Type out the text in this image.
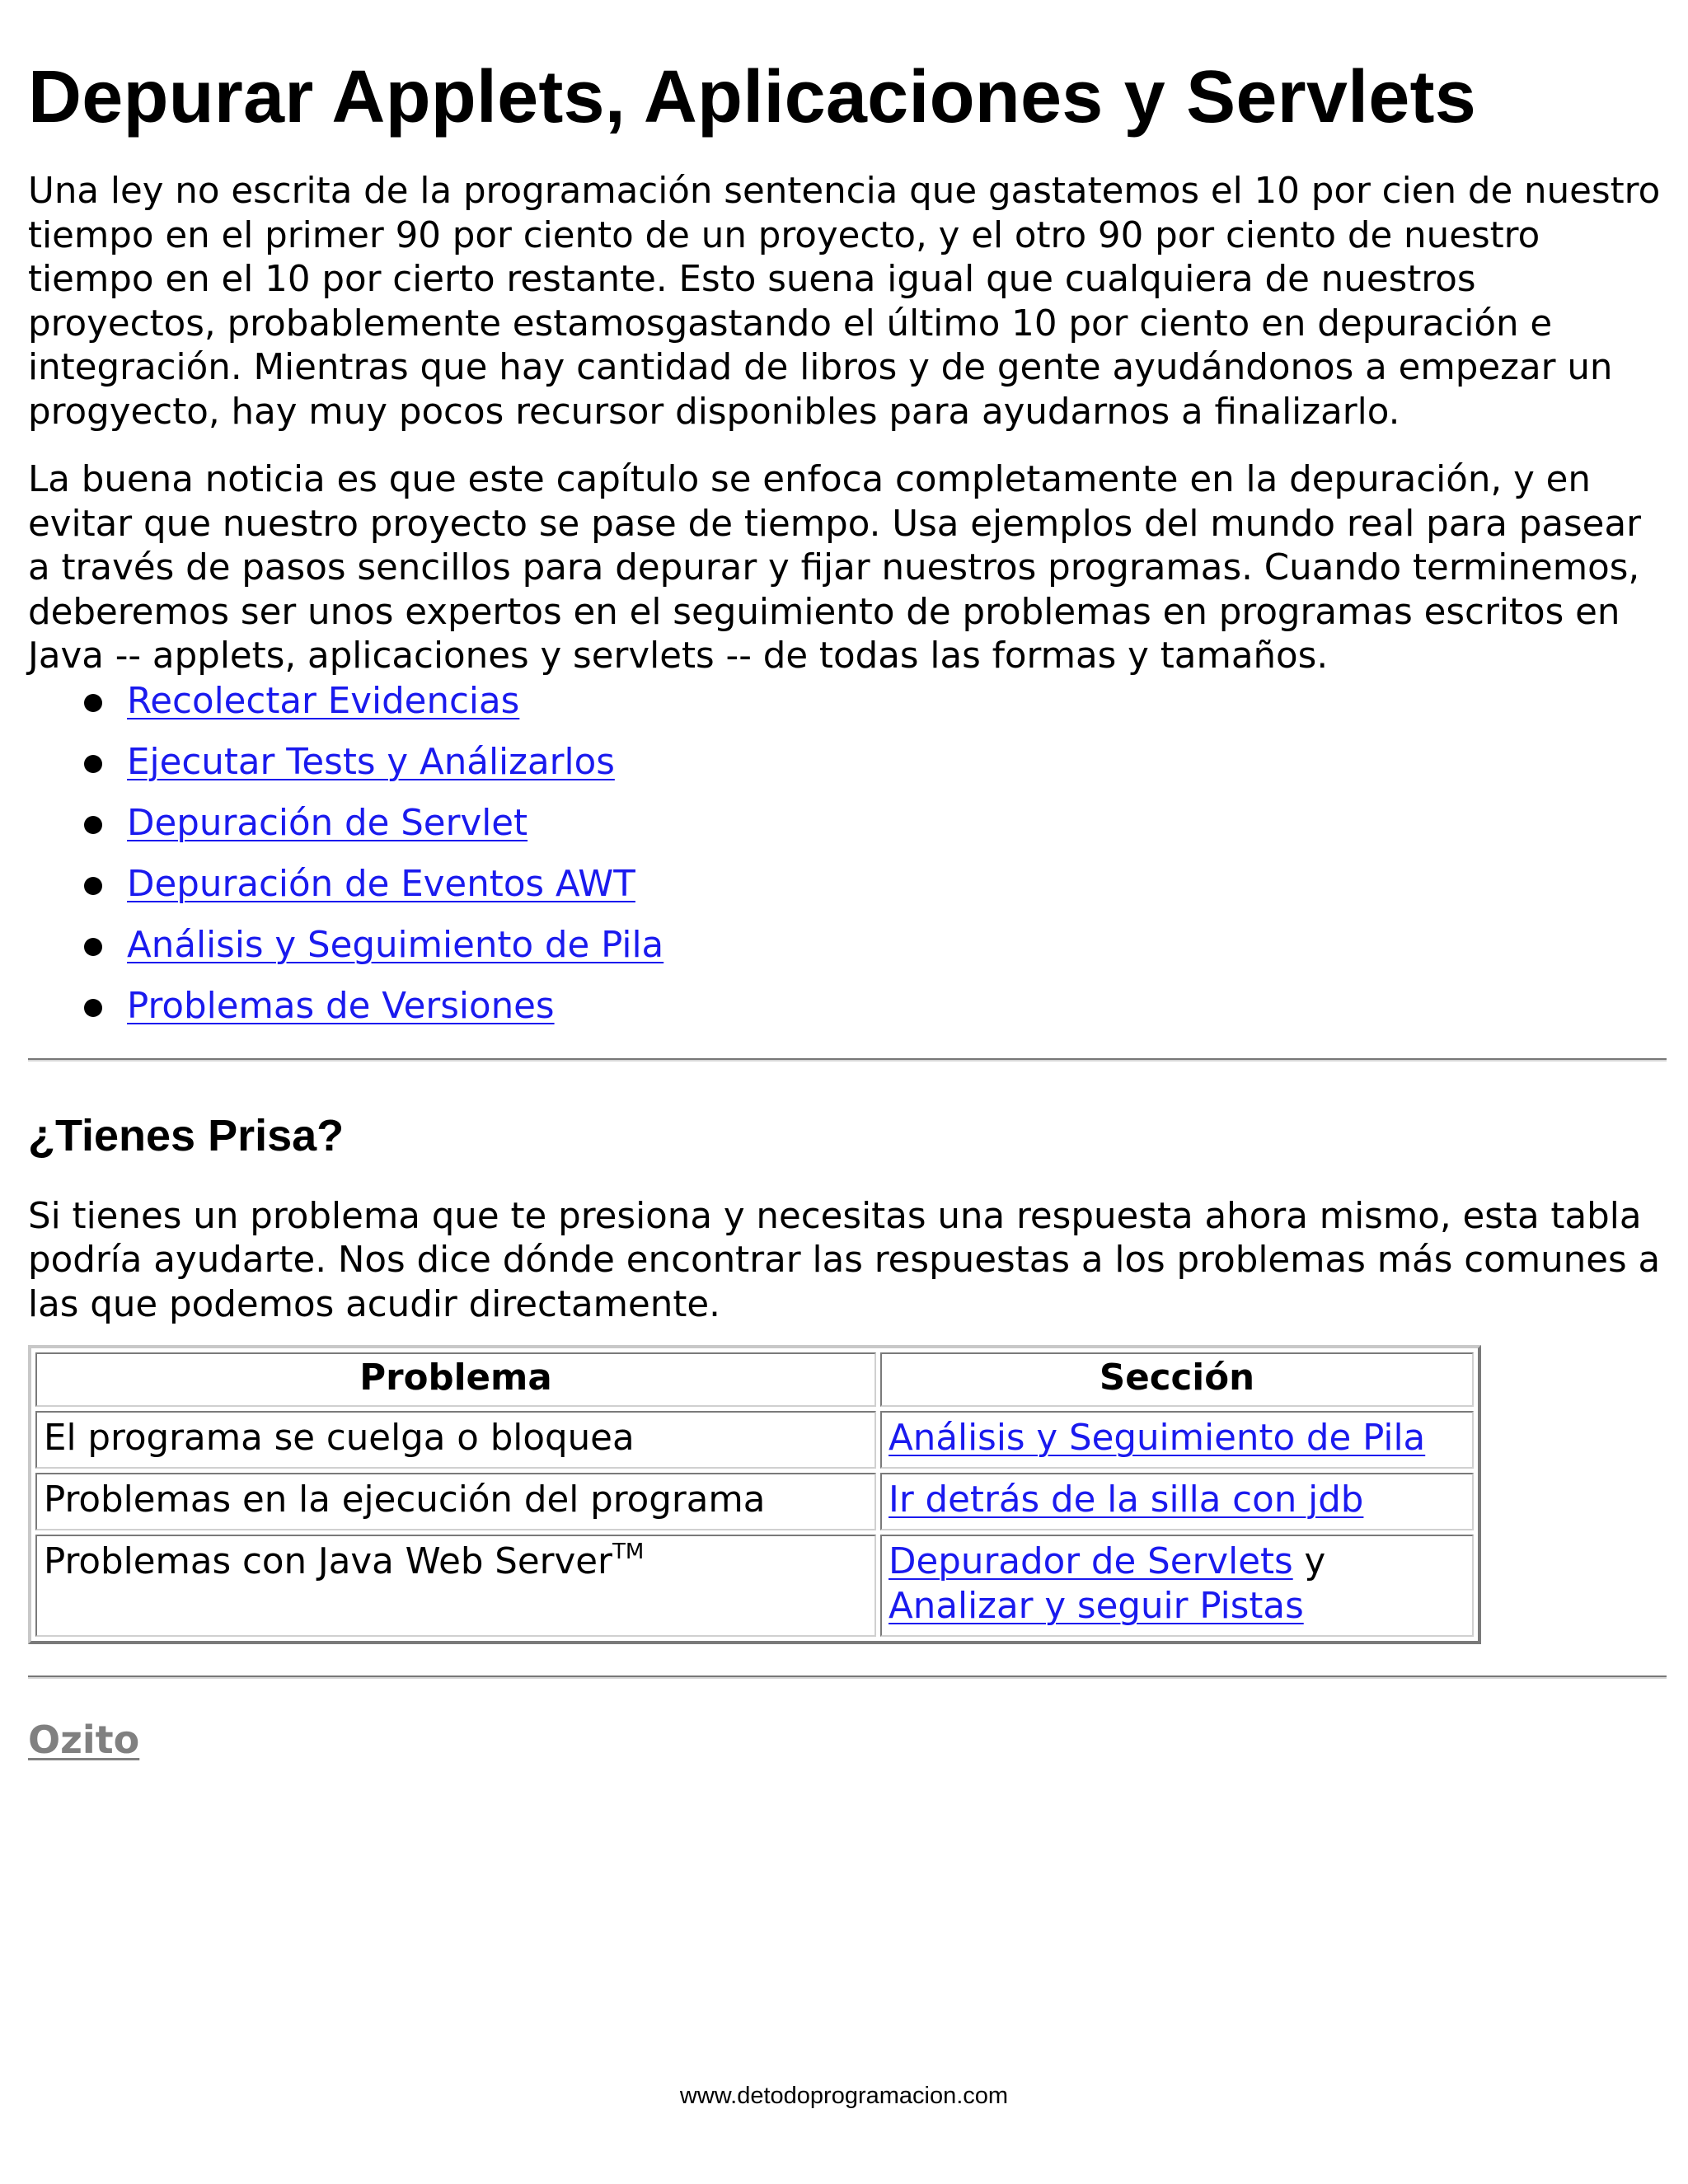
Depurar Applets, Aplicaciones y Servlets

Una ley no escrita de la programación sentencia que gastatemos el 10 por cien de nuestro tiempo en el primer 90 por ciento de un proyecto, y el otro 90 por ciento de nuestro tiempo en el 10 por cierto restante. Esto suena igual que cualquiera de nuestros proyectos, probablemente estamosgastando el último 10 por ciento en depuración e integración. Mientras que hay cantidad de libros y de gente ayudándonos a empezar un progyecto, hay muy pocos recursor disponibles para ayudarnos a finalizarlo.

La buena noticia es que este capítulo se enfoca completamente en la depuración, y en evitar que nuestro proyecto se pase de tiempo. Usa ejemplos del mundo real para pasear a través de pasos sencillos para depurar y fijar nuestros programas. Cuando terminemos, deberemos ser unos expertos en el seguimiento de problemas en programas escritos en Java -- applets, aplicaciones y servlets -- de todas las formas y tamaños.

Recolectar Evidencias
Ejecutar Tests y Análizarlos
Depuración de Servlet
Depuración de Eventos AWT
Análisis y Seguimiento de Pila
Problemas de Versiones
¿Tienes Prisa?

Si tienes un problema que te presiona y necesitas una respuesta ahora mismo, esta tabla podría ayudarte. Nos dice dónde encontrar las respuestas a los problemas más comunes a las que podemos acudir directamente.

Problema	Sección
El programa se cuelga o bloquea	Análisis y Seguimiento de Pila
Problemas en la ejecución del programa	Ir detrás de la silla con jdb
Problemas con Java Web Server™	Depurador de Servlets y
Analizar y seguir Pistas
Ozito
www.detodoprogramacion.com
